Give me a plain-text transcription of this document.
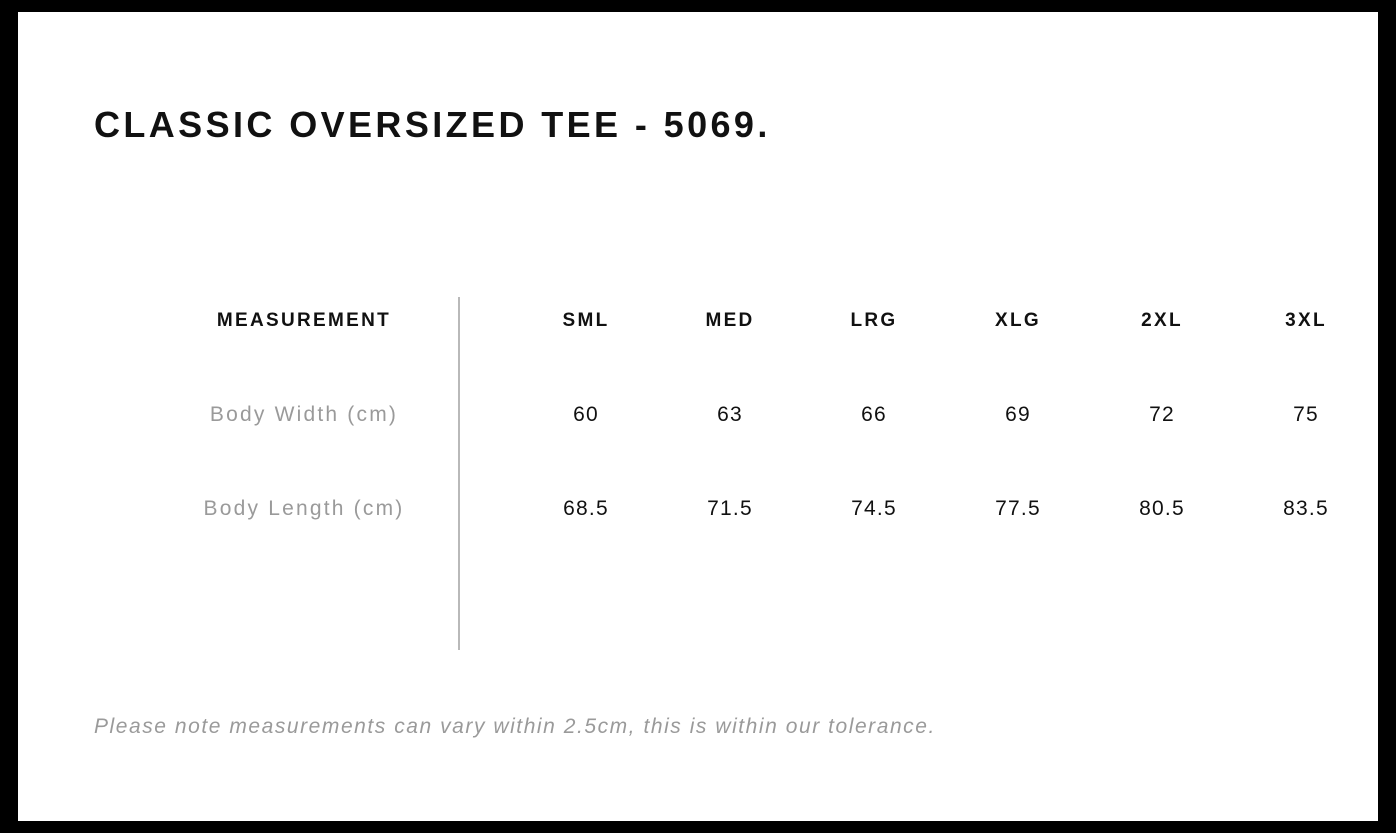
CLASSIC OVERSIZED TEE - 5069.
MEASUREMENT	SML	MED	LRG	XLG	2XL	3XL
Body Width (cm)	60	63	66	69	72	75
Body Length (cm)	68.5	71.5	74.5	77.5	80.5	83.5
Please note measurements can vary within 2.5cm, this is within our tolerance.
